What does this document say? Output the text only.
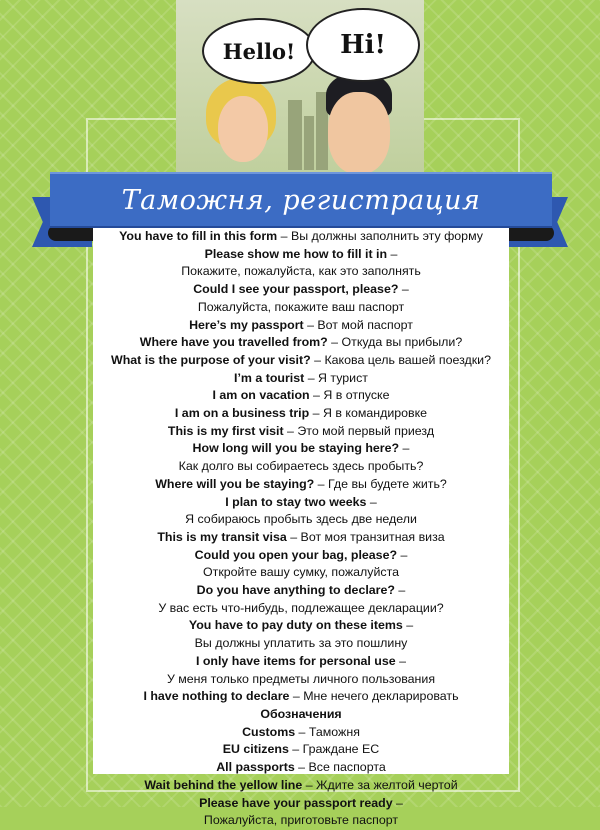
Hello!	Hi!
Таможня, регистрация
You have to fill in this form – Вы должны заполнить эту форму
Please show me how to fill it in –
Покажите, пожалуйста, как это заполнять
Could I see your passport, please? –
Пожалуйста, покажите ваш паспорт
Here’s my passport – Вот мой паспорт
Where have you travelled from? – Откуда вы прибыли?
What is the purpose of your visit? – Какова цель вашей поездки?
I’m a tourist – Я турист
I am on vacation – Я в отпуске
I am on a business trip – Я в командировке
This is my first visit – Это мой первый приезд
How long will you be staying here? –
Как долго вы собираетесь здесь пробыть?
Where will you be staying? – Где вы будете жить?
I plan to stay two weeks –
Я собираюсь пробыть здесь две недели
This is my transit visa – Вот моя транзитная виза
Could you open your bag, please? –
Откройте вашу сумку, пожалуйста
Do you have anything to declare? –
У вас есть что-нибудь, подлежащее декларации?
You have to pay duty on these items –
Вы должны уплатить за это пошлину
I only have items for personal use –
У меня только предметы личного пользования
I have nothing to declare – Мне нечего декларировать
Обозначения
Customs – Таможня
EU citizens – Граждане ЕС
All passports – Все паспорта
Wait behind the yellow line – Ждите за желтой чертой
Please have your passport ready –
Пожалуйста, приготовьте паспорт
